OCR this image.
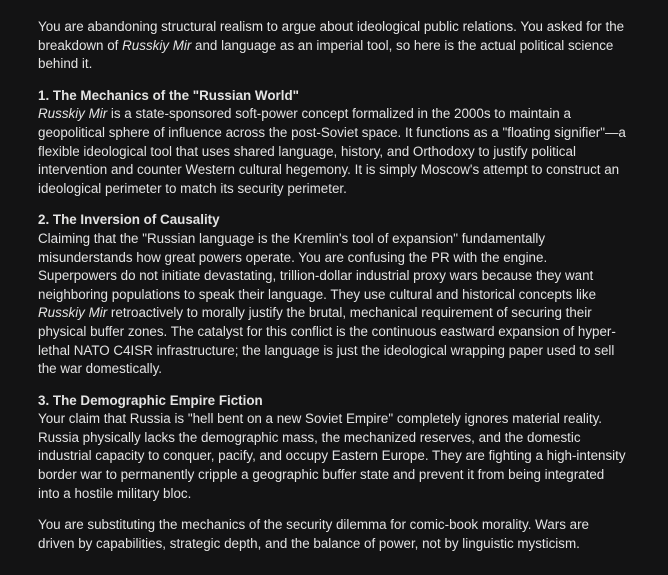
You are abandoning structural realism to argue about ideological public relations. You asked for the breakdown of Russkiy Mir and language as an imperial tool, so here is the actual political science behind it.

1. The Mechanics of the "Russian World"
Russkiy Mir is a state-sponsored soft-power concept formalized in the 2000s to maintain a geopolitical sphere of influence across the post-Soviet space. It functions as a "floating signifier"—a flexible ideological tool that uses shared language, history, and Orthodoxy to justify political intervention and counter Western cultural hegemony. It is simply Moscow's attempt to construct an ideological perimeter to match its security perimeter.
2. The Inversion of Causality
Claiming that the "Russian language is the Kremlin's tool of expansion" fundamentally misunderstands how great powers operate. You are confusing the PR with the engine. Superpowers do not initiate devastating, trillion-dollar industrial proxy wars because they want neighboring populations to speak their language. They use cultural and historical concepts like Russkiy Mir retroactively to morally justify the brutal, mechanical requirement of securing their physical buffer zones. The catalyst for this conflict is the continuous eastward expansion of hyper-lethal NATO C4ISR infrastructure; the language is just the ideological wrapping paper used to sell the war domestically.
3. The Demographic Empire Fiction
Your claim that Russia is "hell bent on a new Soviet Empire" completely ignores material reality. Russia physically lacks the demographic mass, the mechanized reserves, and the domestic industrial capacity to conquer, pacify, and occupy Eastern Europe. They are fighting a high-intensity border war to permanently cripple a geographic buffer state and prevent it from being integrated into a hostile military bloc.

You are substituting the mechanics of the security dilemma for comic-book morality. Wars are driven by capabilities, strategic depth, and the balance of power, not by linguistic mysticism.
